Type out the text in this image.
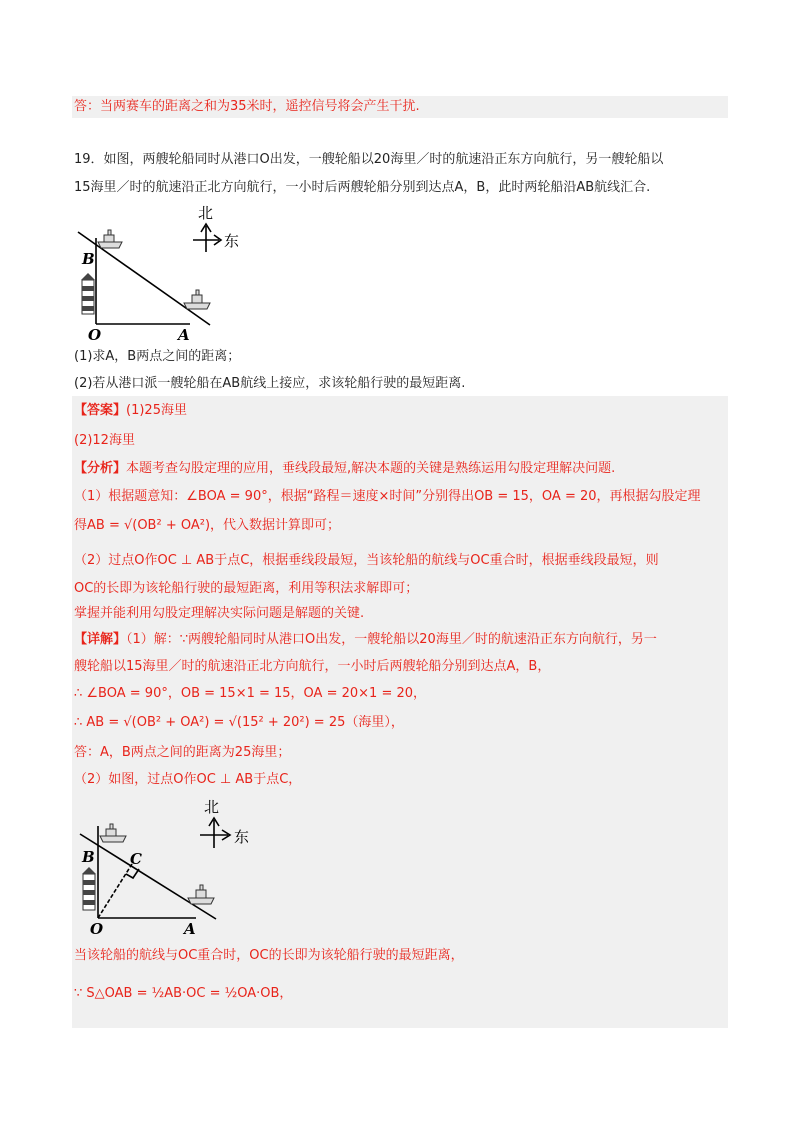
答：当两赛车的距离之和为35米时，遥控信号将会产生干扰.
19．如图，两艘轮船同时从港口O出发，一艘轮船以20海里／时的航速沿正东方向航行，另一艘轮船以
15海里／时的航速沿正北方向航行，一小时后两艘轮船分别到达点A，B，此时两轮船沿AB航线汇合.
北
东
B
O	A
(1)求A，B两点之间的距离；
(2)若从港口派一艘轮船在AB航线上接应，求该轮船行驶的最短距离.
【答案】(1)25海里
(2)12海里
【分析】本题考查勾股定理的应用，垂线段最短,解决本题的关键是熟练运用勾股定理解决问题.
（1）根据题意知：∠BOA = 90°，根据“路程＝速度×时间”分别得出OB = 15，OA = 20，再根据勾股定理
得AB = √(OB² + OA²)，代入数据计算即可；
（2）过点O作OC ⊥ AB于点C，根据垂线段最短，当该轮船的航线与OC重合时，根据垂线段最短，则
OC的长即为该轮船行驶的最短距离，利用等积法求解即可；
掌握并能利用勾股定理解决实际问题是解题的关键.
【详解】（1）解：∵两艘轮船同时从港口O出发，一艘轮船以20海里／时的航速沿正东方向航行，另一
艘轮船以15海里／时的航速沿正北方向航行，一小时后两艘轮船分别到达点A，B，
∴ ∠BOA = 90°，OB = 15×1 = 15，OA = 20×1 = 20，
∴ AB = √(OB² + OA²) = √(15² + 20²) = 25（海里），
答：A，B两点之间的距离为25海里；
（2）如图，过点O作OC ⊥ AB于点C，
北
东
B C
O	A
当该轮船的航线与OC重合时，OC的长即为该轮船行驶的最短距离，
∵ S△OAB = ½AB·OC = ½OA·OB，
